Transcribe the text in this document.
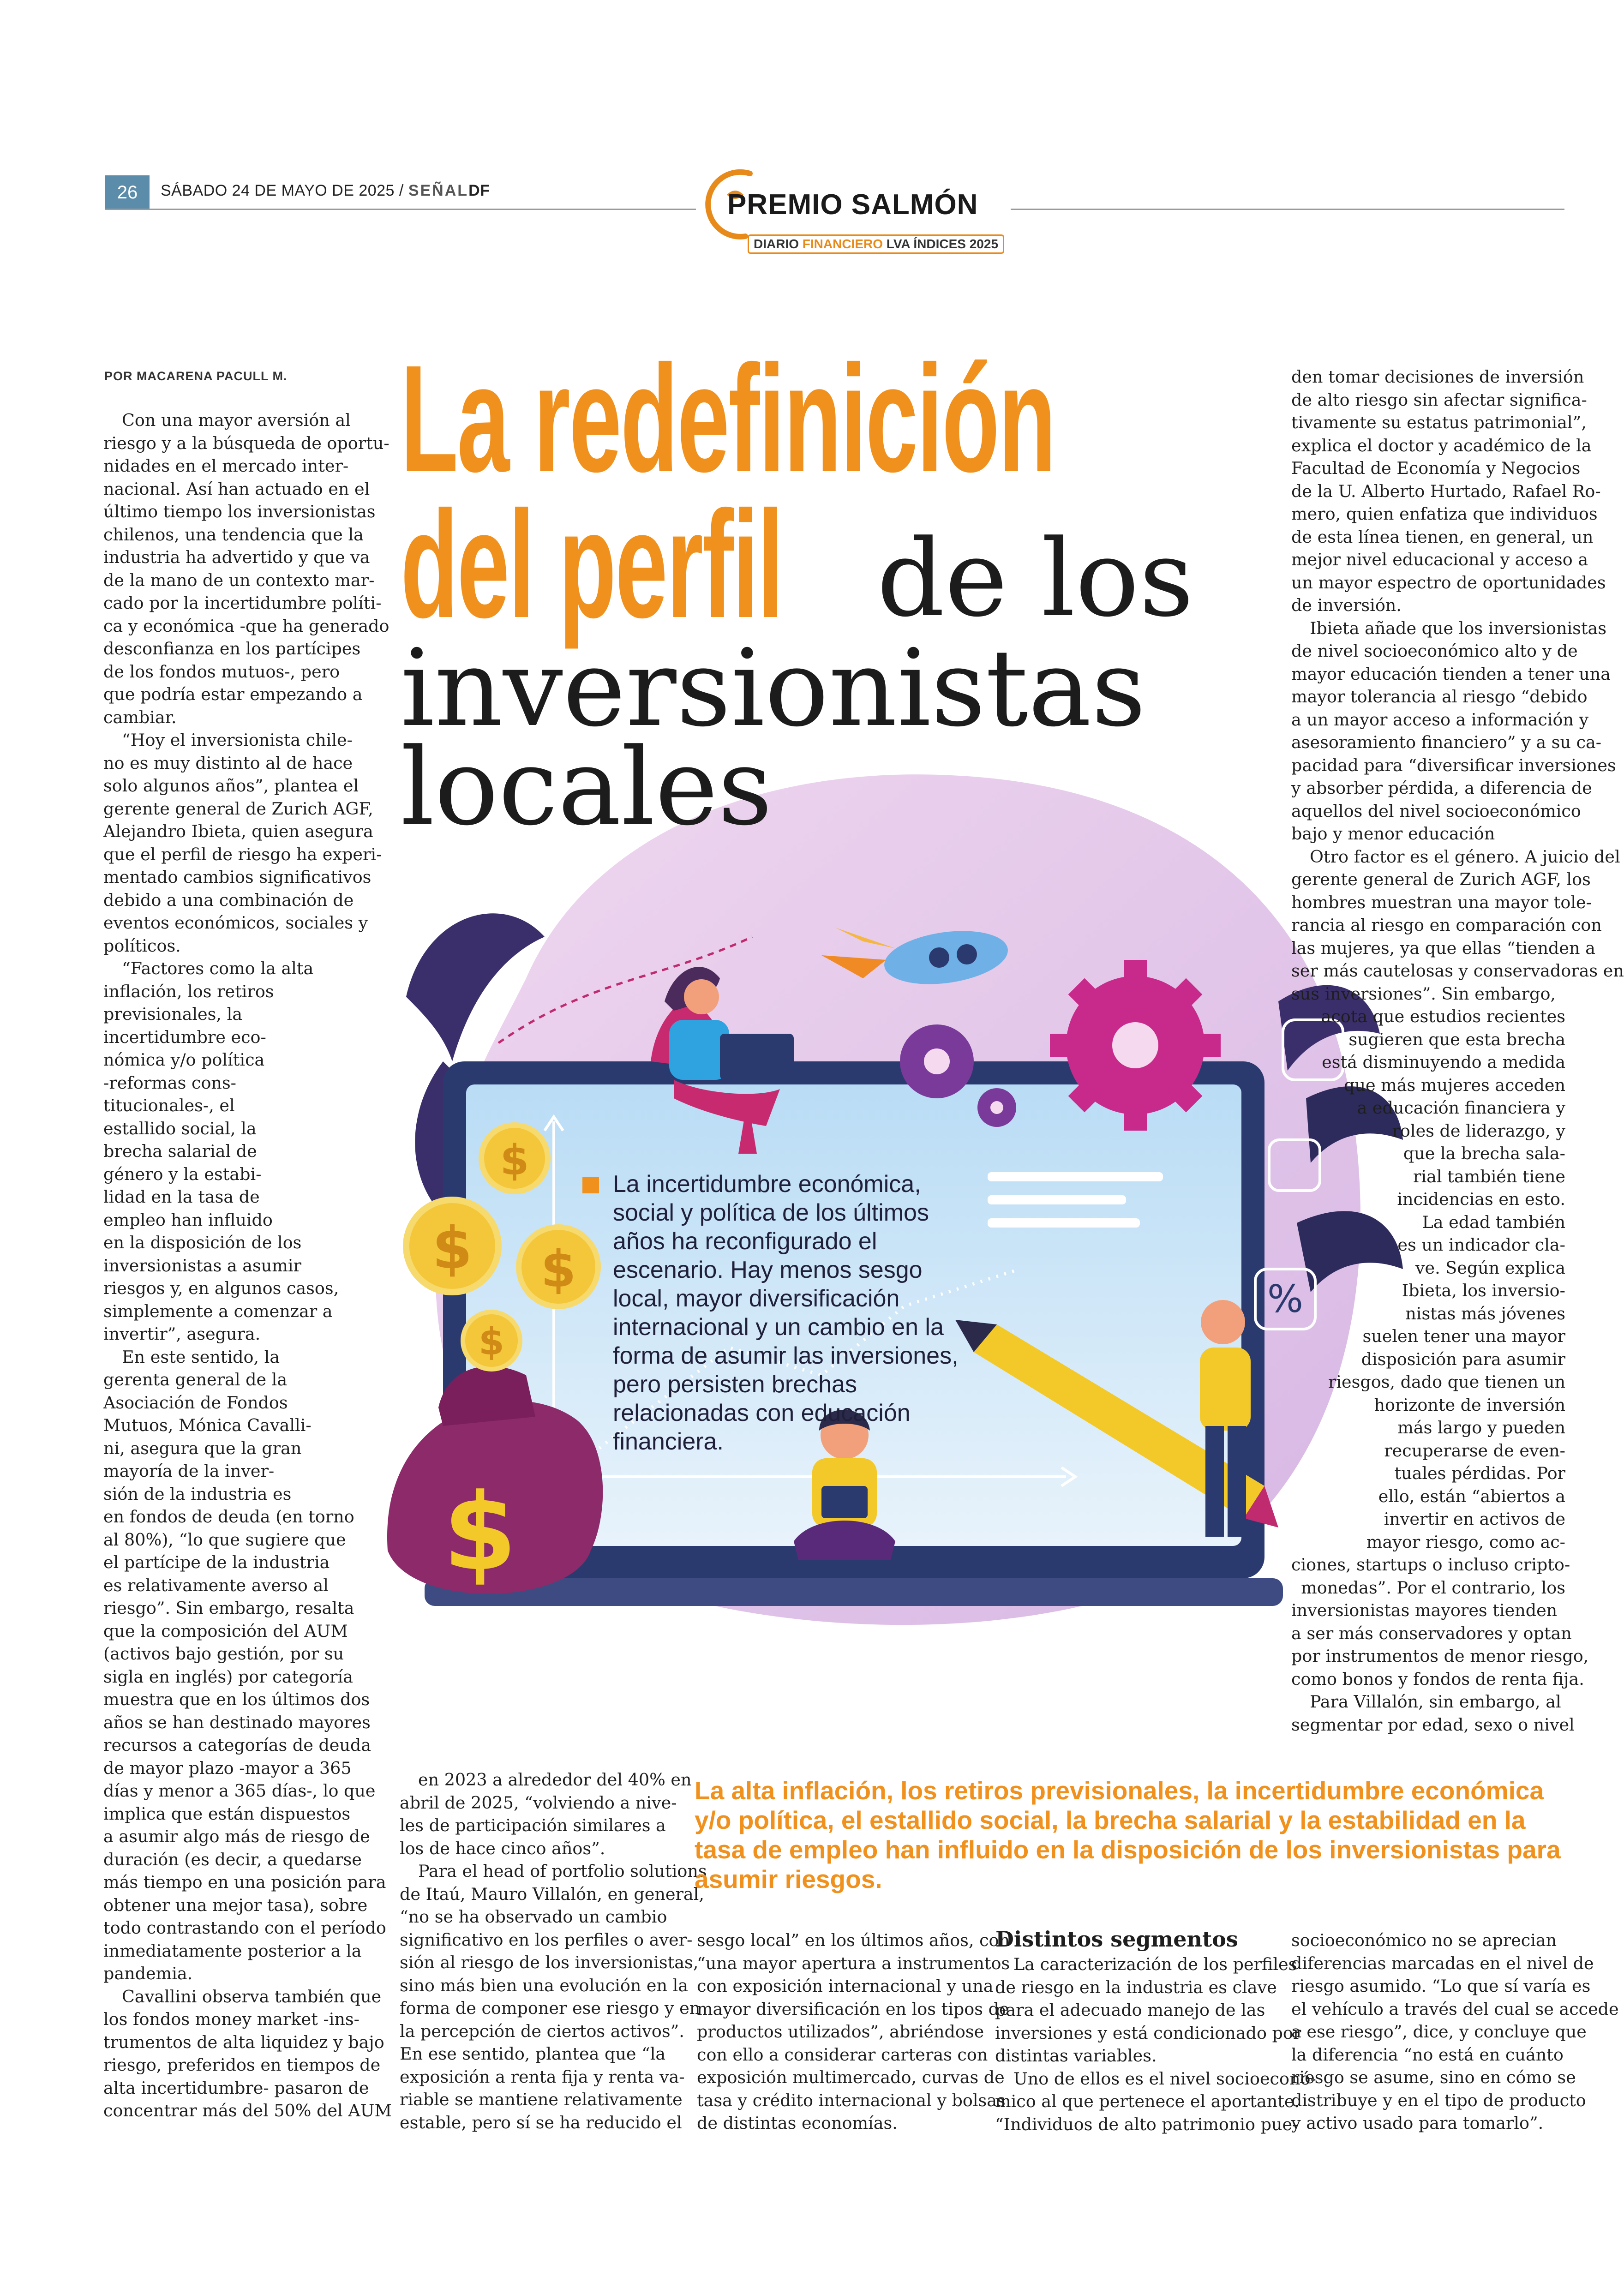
26	SÁBADO 24 DE MAYO DE 2025 / SEÑALDF	PREMIO SALMÓN
DIARIO FINANCIERO LVA ÍNDICES 2025
POR MACARENA PACULL M.
$
$
$ $
$
%
La incertidumbre económica, social y política de los últimos años ha reconfigurado el escenario. Hay menos sesgo local, mayor diversificación internacional y un cambio en la forma de asumir las inversiones, pero persisten brechas relacionadas con educación financiera.
La redefinición
del perfil de los
inversionistas
locales
Con una mayor aversión al
riesgo y a la búsqueda de oportu-
nidades en el mercado inter-
nacional. Así han actuado en el
último tiempo los inversionistas
chilenos, una tendencia que la
industria ha advertido y que va
de la mano de un contexto mar-
cado por la incertidumbre políti-
ca y económica -que ha generado
desconfianza en los partícipes
de los fondos mutuos-, pero
que podría estar empezando a
cambiar.
“Hoy el inversionista chile-
no es muy distinto al de hace
solo algunos años”, plantea el
gerente general de Zurich AGF,
Alejandro Ibieta, quien asegura
que el perfil de riesgo ha experi-
mentado cambios significativos
debido a una combinación de
eventos económicos, sociales y
políticos.
“Factores como la alta
inflación, los retiros
previsionales, la
incertidumbre eco-
nómica y/o política
-reformas cons-
titucionales-, el
estallido social, la
brecha salarial de
género y la estabi-
lidad en la tasa de
empleo han influido
en la disposición de los
inversionistas a asumir
riesgos y, en algunos casos,
simplemente a comenzar a
invertir”, asegura.
En este sentido, la
gerenta general de la
Asociación de Fondos
Mutuos, Mónica Cavalli-
ni, asegura que la gran
mayoría de la inver-
sión de la industria es
en fondos de deuda (en torno
al 80%), “lo que sugiere que
el partícipe de la industria
es relativamente averso al
riesgo”. Sin embargo, resalta
que la composición del AUM
(activos bajo gestión, por su
sigla en inglés) por categoría
muestra que en los últimos dos
años se han destinado mayores
recursos a categorías de deuda
de mayor plazo -mayor a 365
días y menor a 365 días-, lo que
implica que están dispuestos
a asumir algo más de riesgo de
duración (es decir, a quedarse
más tiempo en una posición para
obtener una mejor tasa), sobre
todo contrastando con el período
inmediatamente posterior a la
pandemia.
Cavallini observa también que
los fondos money market -ins-
trumentos de alta liquidez y bajo
riesgo, preferidos en tiempos de
alta incertidumbre- pasaron de
concentrar más del 50% del AUM
en 2023 a alrededor del 40% en
abril de 2025, “volviendo a nive-
les de participación similares a
los de hace cinco años”.
Para el head of portfolio solutions
de Itaú, Mauro Villalón, en general,
“no se ha observado un cambio
significativo en los perfiles o aver-
sión al riesgo de los inversionistas,
sino más bien una evolución en la
forma de componer ese riesgo y en
la percepción de ciertos activos”.
En ese sentido, plantea que “la
exposición a renta fija y renta va-
riable se mantiene relativamente
estable, pero sí se ha reducido el
La alta inflación, los retiros previsionales, la incertidumbre económica y/o política, el estallido social, la brecha salarial y la estabilidad en la tasa de empleo han influido en la disposición de los inversionistas para asumir riesgos.
sesgo local” en los últimos años, con
“una mayor apertura a instrumentos
con exposición internacional y una
mayor diversificación en los tipos de
productos utilizados”, abriéndose
con ello a considerar carteras con
exposición multimercado, curvas de
tasa y crédito internacional y bolsas
de distintas economías.
Distintos segmentos
La caracterización de los perfiles
de riesgo en la industria es clave
para el adecuado manejo de las
inversiones y está condicionado por
distintas variables.
Uno de ellos es el nivel socioeconó-
mico al que pertenece el aportante.
“Individuos de alto patrimonio pue-
socioeconómico no se aprecian
diferencias marcadas en el nivel de
riesgo asumido. “Lo que sí varía es
el vehículo a través del cual se accede
a ese riesgo”, dice, y concluye que
la diferencia “no está en cuánto
riesgo se asume, sino en cómo se
distribuye y en el tipo de producto
y activo usado para tomarlo”.
den tomar decisiones de inversión
de alto riesgo sin afectar significa-
tivamente su estatus patrimonial”,
explica el doctor y académico de la
Facultad de Economía y Negocios
de la U. Alberto Hurtado, Rafael Ro-
mero, quien enfatiza que individuos
de esta línea tienen, en general, un
mejor nivel educacional y acceso a
un mayor espectro de oportunidades
de inversión.
Ibieta añade que los inversionistas
de nivel socioeconómico alto y de
mayor educación tienden a tener una
mayor tolerancia al riesgo “debido
a un mayor acceso a información y
asesoramiento financiero” y a su ca-
pacidad para “diversificar inversiones
y absorber pérdida, a diferencia de
aquellos del nivel socioeconómico
bajo y menor educación
Otro factor es el género. A juicio del
gerente general de Zurich AGF, los
hombres muestran una mayor tole-
rancia al riesgo en comparación con
las mujeres, ya que ellas “tienden a
ser más cautelosas y conservadoras en
sus inversiones”. Sin embargo,
acota que estudios recientes
sugieren que esta brecha
está disminuyendo a medida
que más mujeres acceden
a educación financiera y
roles de liderazgo, y
que la brecha sala-
rial también tiene
incidencias en esto.
La edad también
es un indicador cla-
ve. Según explica
Ibieta, los inversio-
nistas más jóvenes
suelen tener una mayor
disposición para asumir
riesgos, dado que tienen un
horizonte de inversión
más largo y pueden
recuperarse de even-
tuales pérdidas. Por
ello, están “abiertos a
invertir en activos de
mayor riesgo, como ac-
ciones, startups o incluso cripto-
monedas”. Por el contrario, los
inversionistas mayores tienden
a ser más conservadores y optan
por instrumentos de menor riesgo,
como bonos y fondos de renta fija.
Para Villalón, sin embargo, al
segmentar por edad, sexo o nivel
